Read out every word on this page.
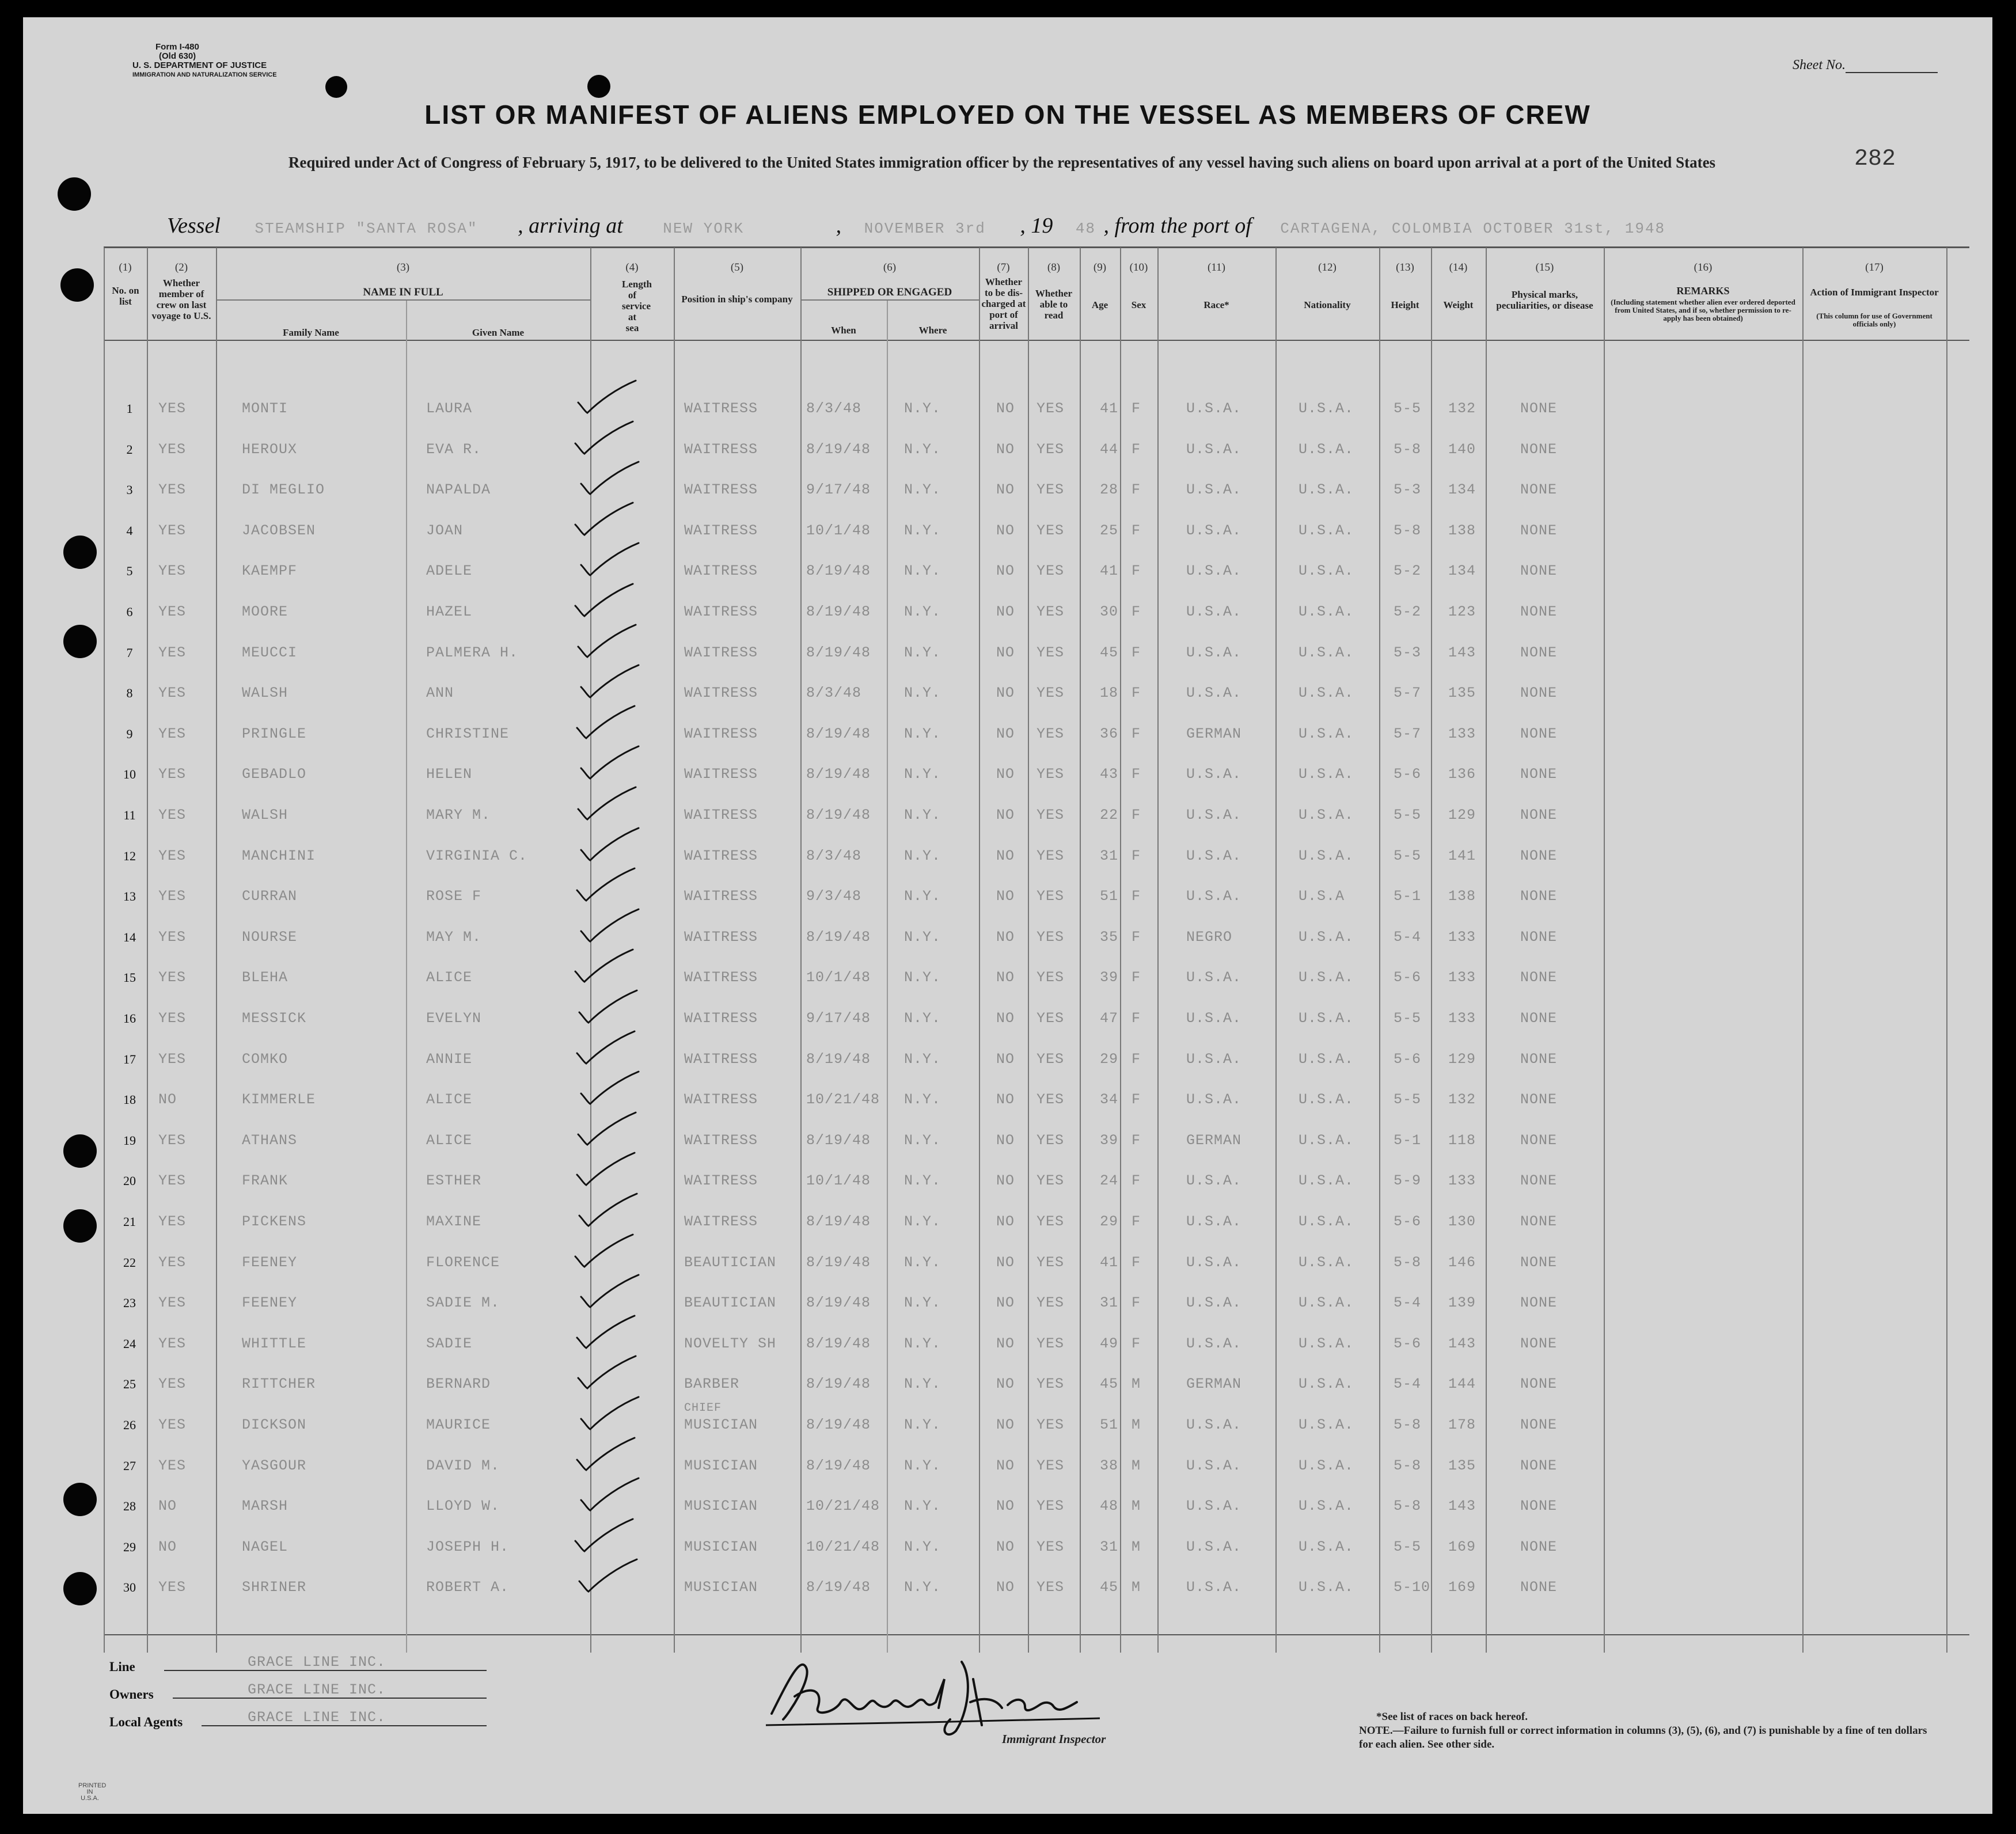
Form I-480
(Old 630)
U. S. DEPARTMENT OF JUSTICE
IMMIGRATION AND NATURALIZATION SERVICE
Sheet No.
LIST OR MANIFEST OF ALIENS EMPLOYED ON THE VESSEL AS MEMBERS OF CREW
Required under Act of Congress of February 5, 1917, to be delivered to the United States immigration officer by the representatives of any vessel having such aliens on board upon arrival at a port of the United States	282
Vessel STEAMSHIP "SANTA ROSA" , arriving at	NEW YORK	, NOVEMBER 3rd , 19 48 , from the port of CARTAGENA, COLOMBIA OCTOBER 31st, 1948
(1)	(2)	(3)	(4)	(5)	(6)	(7)	(8)	(9)	(10)	(11)	(12)	(13)	(14)	(15)	(16)	(17)
No. on list
Whether member of crew on last voyage to U.S.
NAME IN FULL
Family Name	Given Name
Length of service at sea
Position in ship's company
SHIPPED OR ENGAGED
When	Where
Whether to be dis-charged at port of arrival
Whether able to read
Age	Sex	Race*	Nationality	Height	Weight
Physical marks, peculiarities, or disease
REMARKS
(Including statement whether alien ever ordered deported from United States, and if so, whether permission to re-apply has been obtained)
Action of Immigrant Inspector
(This column for use of Government officials only)
1	YES	MONTI	LAURA	WAITRESS	8/3/48	N.Y.	NO YES 41 F	U.S.A.	U.S.A.	5-5 132	NONE
2	YES	HEROUX	EVA R.	WAITRESS	8/19/48 N.Y.	NO YES 44 F	U.S.A.	U.S.A.	5-8 140	NONE
3	YES	DI MEGLIO	NAPALDA	WAITRESS	9/17/48 N.Y.	NO YES 28 F	U.S.A.	U.S.A.	5-3 134	NONE
4	YES	JACOBSEN	JOAN	WAITRESS	10/1/48 N.Y.	NO YES 25 F	U.S.A.	U.S.A.	5-8 138	NONE
5	YES	KAEMPF	ADELE	WAITRESS	8/19/48 N.Y.	NO YES 41 F	U.S.A.	U.S.A.	5-2 134	NONE
6	YES	MOORE	HAZEL	WAITRESS	8/19/48 N.Y.	NO YES 30 F	U.S.A.	U.S.A.	5-2 123	NONE
7	YES	MEUCCI	PALMERA H.	WAITRESS	8/19/48 N.Y.	NO YES 45 F	U.S.A.	U.S.A.	5-3 143	NONE
8	YES	WALSH	ANN	WAITRESS	8/3/48	N.Y.	NO YES 18 F	U.S.A.	U.S.A.	5-7 135	NONE
9	YES	PRINGLE	CHRISTINE	WAITRESS	8/19/48 N.Y.	NO YES 36 F	GERMAN	U.S.A.	5-7 133	NONE
10	YES	GEBADLO	HELEN	WAITRESS	8/19/48 N.Y.	NO YES 43 F	U.S.A.	U.S.A.	5-6 136	NONE
11	YES	WALSH	MARY M.	WAITRESS	8/19/48 N.Y.	NO YES 22 F	U.S.A.	U.S.A.	5-5 129	NONE
12	YES	MANCHINI	VIRGINIA C.	WAITRESS	8/3/48	N.Y.	NO YES 31 F	U.S.A.	U.S.A.	5-5 141	NONE
13	YES	CURRAN	ROSE F	WAITRESS	9/3/48	N.Y.	NO YES 51 F	U.S.A.	U.S.A	5-1 138	NONE
14	YES	NOURSE	MAY M.	WAITRESS	8/19/48 N.Y.	NO YES 35 F	NEGRO	U.S.A.	5-4 133	NONE
15	YES	BLEHA	ALICE	WAITRESS	10/1/48 N.Y.	NO YES 39 F	U.S.A.	U.S.A.	5-6 133	NONE
16	YES	MESSICK	EVELYN	WAITRESS	9/17/48 N.Y.	NO YES 47 F	U.S.A.	U.S.A.	5-5 133	NONE
17	YES	COMKO	ANNIE	WAITRESS	8/19/48 N.Y.	NO YES 29 F	U.S.A.	U.S.A.	5-6 129	NONE
18	NO	KIMMERLE	ALICE	WAITRESS	10/21/48 N.Y.	NO YES 34 F	U.S.A.	U.S.A.	5-5 132	NONE
19	YES	ATHANS	ALICE	WAITRESS	8/19/48 N.Y.	NO YES 39 F	GERMAN	U.S.A.	5-1 118	NONE
20	YES	FRANK	ESTHER	WAITRESS	10/1/48 N.Y.	NO YES 24 F	U.S.A.	U.S.A.	5-9 133	NONE
21	YES	PICKENS	MAXINE	WAITRESS	8/19/48 N.Y.	NO YES 29 F	U.S.A.	U.S.A.	5-6 130	NONE
22	YES	FEENEY	FLORENCE	BEAUTICIAN 8/19/48 N.Y.	NO YES 41 F	U.S.A.	U.S.A.	5-8 146	NONE
23	YES	FEENEY	SADIE M.	BEAUTICIAN 8/19/48 N.Y.	NO YES 31 F	U.S.A.	U.S.A.	5-4 139	NONE
24	YES	WHITTLE	SADIE	NOVELTY SH 8/19/48 N.Y.	NO YES 49 F	U.S.A.	U.S.A.	5-6 143	NONE
25	YES	RITTCHER	BERNARD	BARBER	8/19/48 N.Y.	NO YES 45 M	GERMAN	U.S.A.	5-4 144	NONE
26	YES	DICKSON	MAURICE	MUSICIAN	8/19/48 N.Y.	NO YES 51 M	U.S.A.	U.S.A.	5-8 178	NONE
CHIEF
27	YES	YASGOUR	DAVID M.	MUSICIAN	8/19/48 N.Y.	NO YES 38 M	U.S.A.	U.S.A.	5-8 135	NONE
28	NO	MARSH	LLOYD W.	MUSICIAN	10/21/48 N.Y.	NO YES 48 M	U.S.A.	U.S.A.	5-8 143	NONE
29	NO	NAGEL	JOSEPH H.	MUSICIAN	10/21/48 N.Y.	NO YES 31 M	U.S.A.	U.S.A.	5-5 169	NONE
30	YES	SHRINER	ROBERT A.	MUSICIAN	8/19/48 N.Y.	NO YES 45 M	U.S.A.	U.S.A.	5-10 169	NONE
Line	GRACE LINE INC.
Owners	GRACE LINE INC.
Local Agents	GRACE LINE INC.
Immigrant Inspector
*See list of races on back hereof.
NOTE.—Failure to furnish full or correct information in columns (3), (5), (6), and (7) is punishable by a fine of ten dollars for each alien. See other side.
PRINTED IN U.S.A.
